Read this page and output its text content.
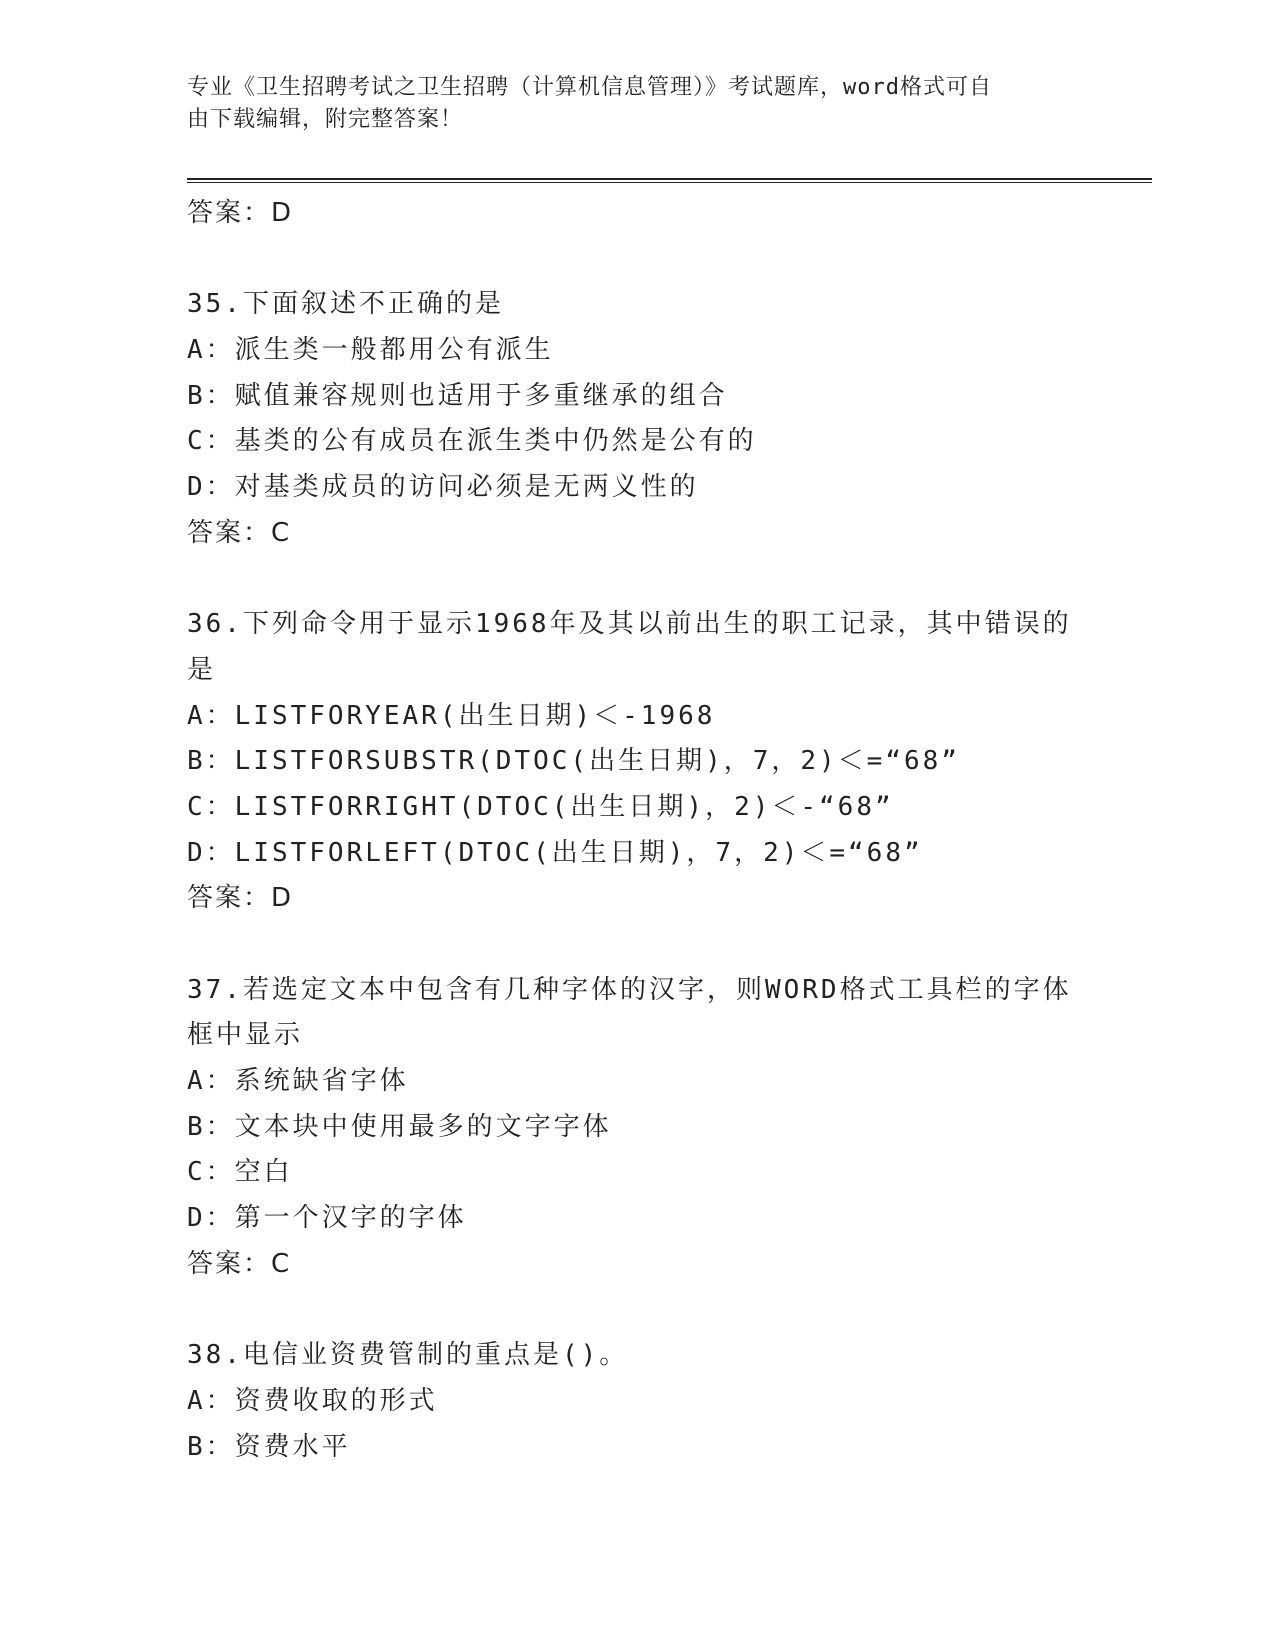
专业《卫生招聘考试之卫生招聘（计算机信息管理）》考试题库，word格式可自
由下载编辑，附完整答案！
答案：D
35.下面叙述不正确的是
A：派生类一般都用公有派生
B：赋值兼容规则也适用于多重继承的组合
C：基类的公有成员在派生类中仍然是公有的
D：对基类成员的访问必须是无两义性的
答案：C
36.下列命令用于显示1968年及其以前出生的职工记录，其中错误的
是
A：LISTFORYEAR(出生日期)＜-1968
B：LISTFORSUBSTR(DTOC(出生日期)，7，2)＜=“68”
C：LISTFORRIGHT(DTOC(出生日期)，2)＜-“68”
D：LISTFORLEFT(DTOC(出生日期)，7，2)＜=“68”
答案：D
37.若选定文本中包含有几种字体的汉字，则WORD格式工具栏的字体
框中显示
A：系统缺省字体
B：文本块中使用最多的文字字体
C：空白
D：第一个汉字的字体
答案：C
38.电信业资费管制的重点是()。
A：资费收取的形式
B：资费水平
